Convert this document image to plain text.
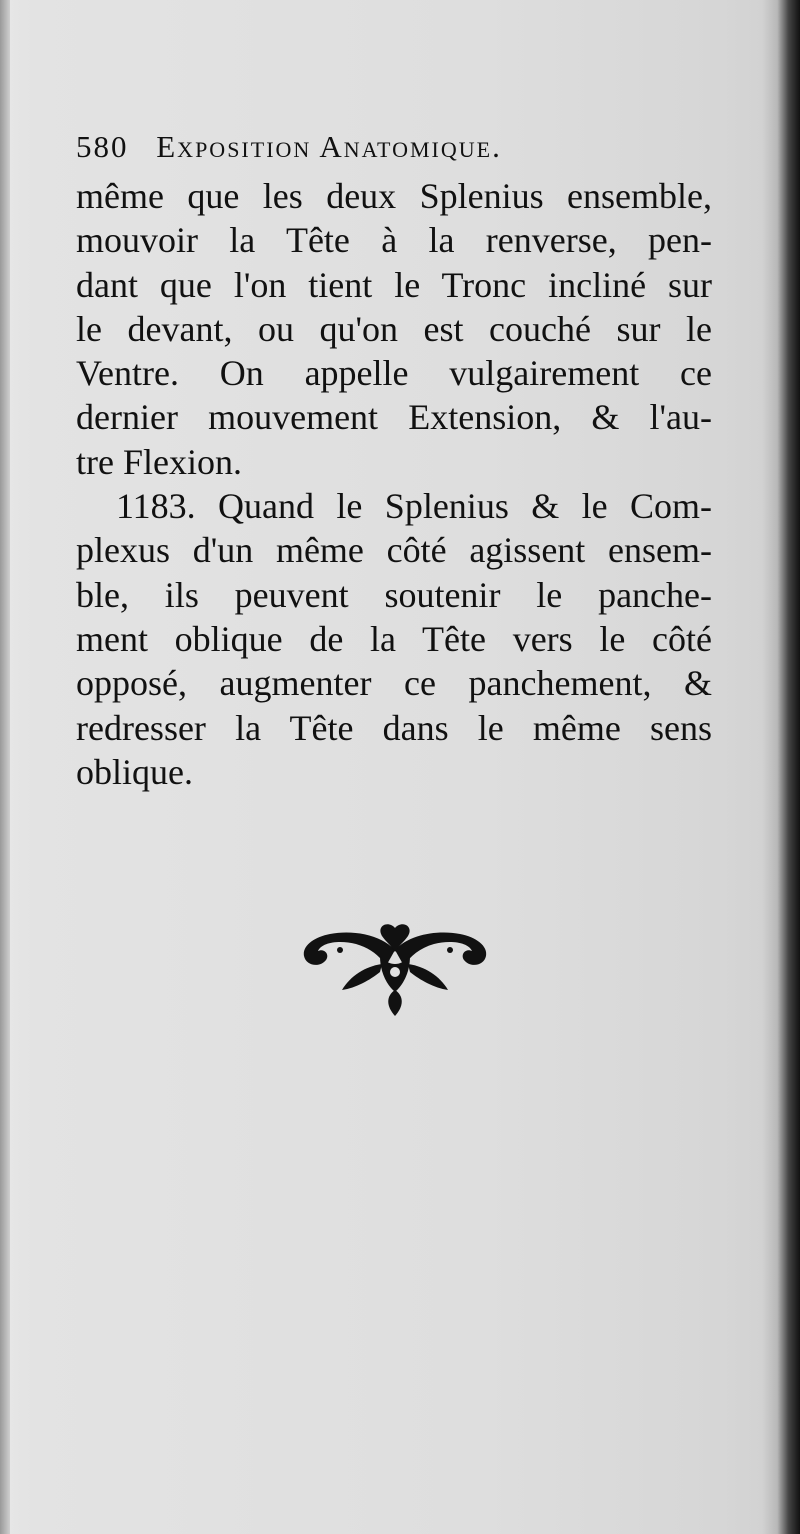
580 Exposition Anatomique.
même que les deux Splenius ensemble,
mouvoir la Tête à la renverse, pen-
dant que l'on tient le Tronc incliné sur
le devant, ou qu'on est couché sur le
Ventre. On appelle vulgairement ce
dernier mouvement Extension, & l'au-
tre Flexion.
1183. Quand le Splenius & le Com-
plexus d'un même côté agissent ensem-
ble, ils peuvent soutenir le panche-
ment oblique de la Tête vers le côté
opposé, augmenter ce panchement, &
redresser la Tête dans le même sens
oblique.
